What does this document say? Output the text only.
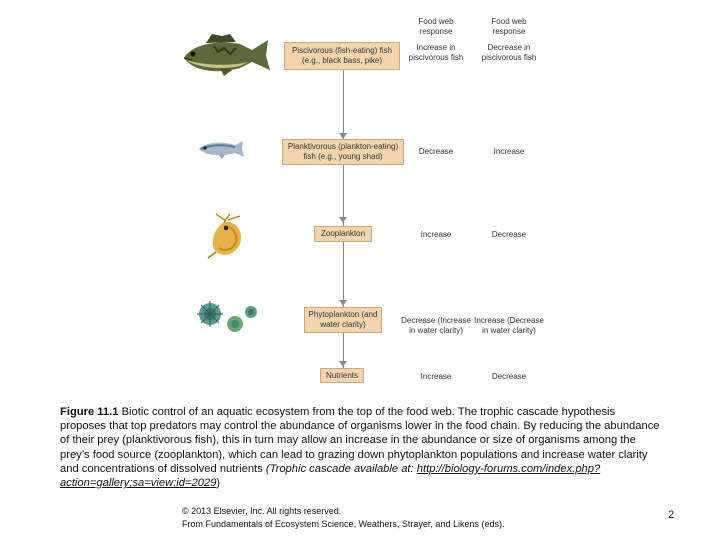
Food web response
Food web response
Piscivorous (fish-eating) fish (e.g., black bass, pike)
Planktivorous (plankton-eating) fish (e.g., young shad)
Zooplankton
Phytoplankton (and water clarity)
Nutrients
Increase in piscivorous fish
Decrease
Increase
Decrease (Increase in water clarity)
Increase
Decrease in piscivorous fish
Increase
Decrease
Increase (Decrease in water clarity)
Decrease
Figure 11.1 Biotic control of an aquatic ecosystem from the top of the food web. The trophic cascade hypothesis proposes that top predators may control the abundance of organisms lower in the food chain. By reducing the abundance of their prey (planktivorous fish), this in turn may allow an increase in the abundance or size of organisms among the prey’s food source (zooplankton), which can lead to grazing down phytoplankton populations and increase water clarity and concentrations of dissolved nutrients (Trophic cascade available at: http://biology-forums.com/index.php?action=gallery;sa=view;id=2029)
© 2013 Elsevier, Inc. All rights reserved.
From Fundamentals of Ecosystem Science, Weathers, Strayer, and Likens (eds).
2
